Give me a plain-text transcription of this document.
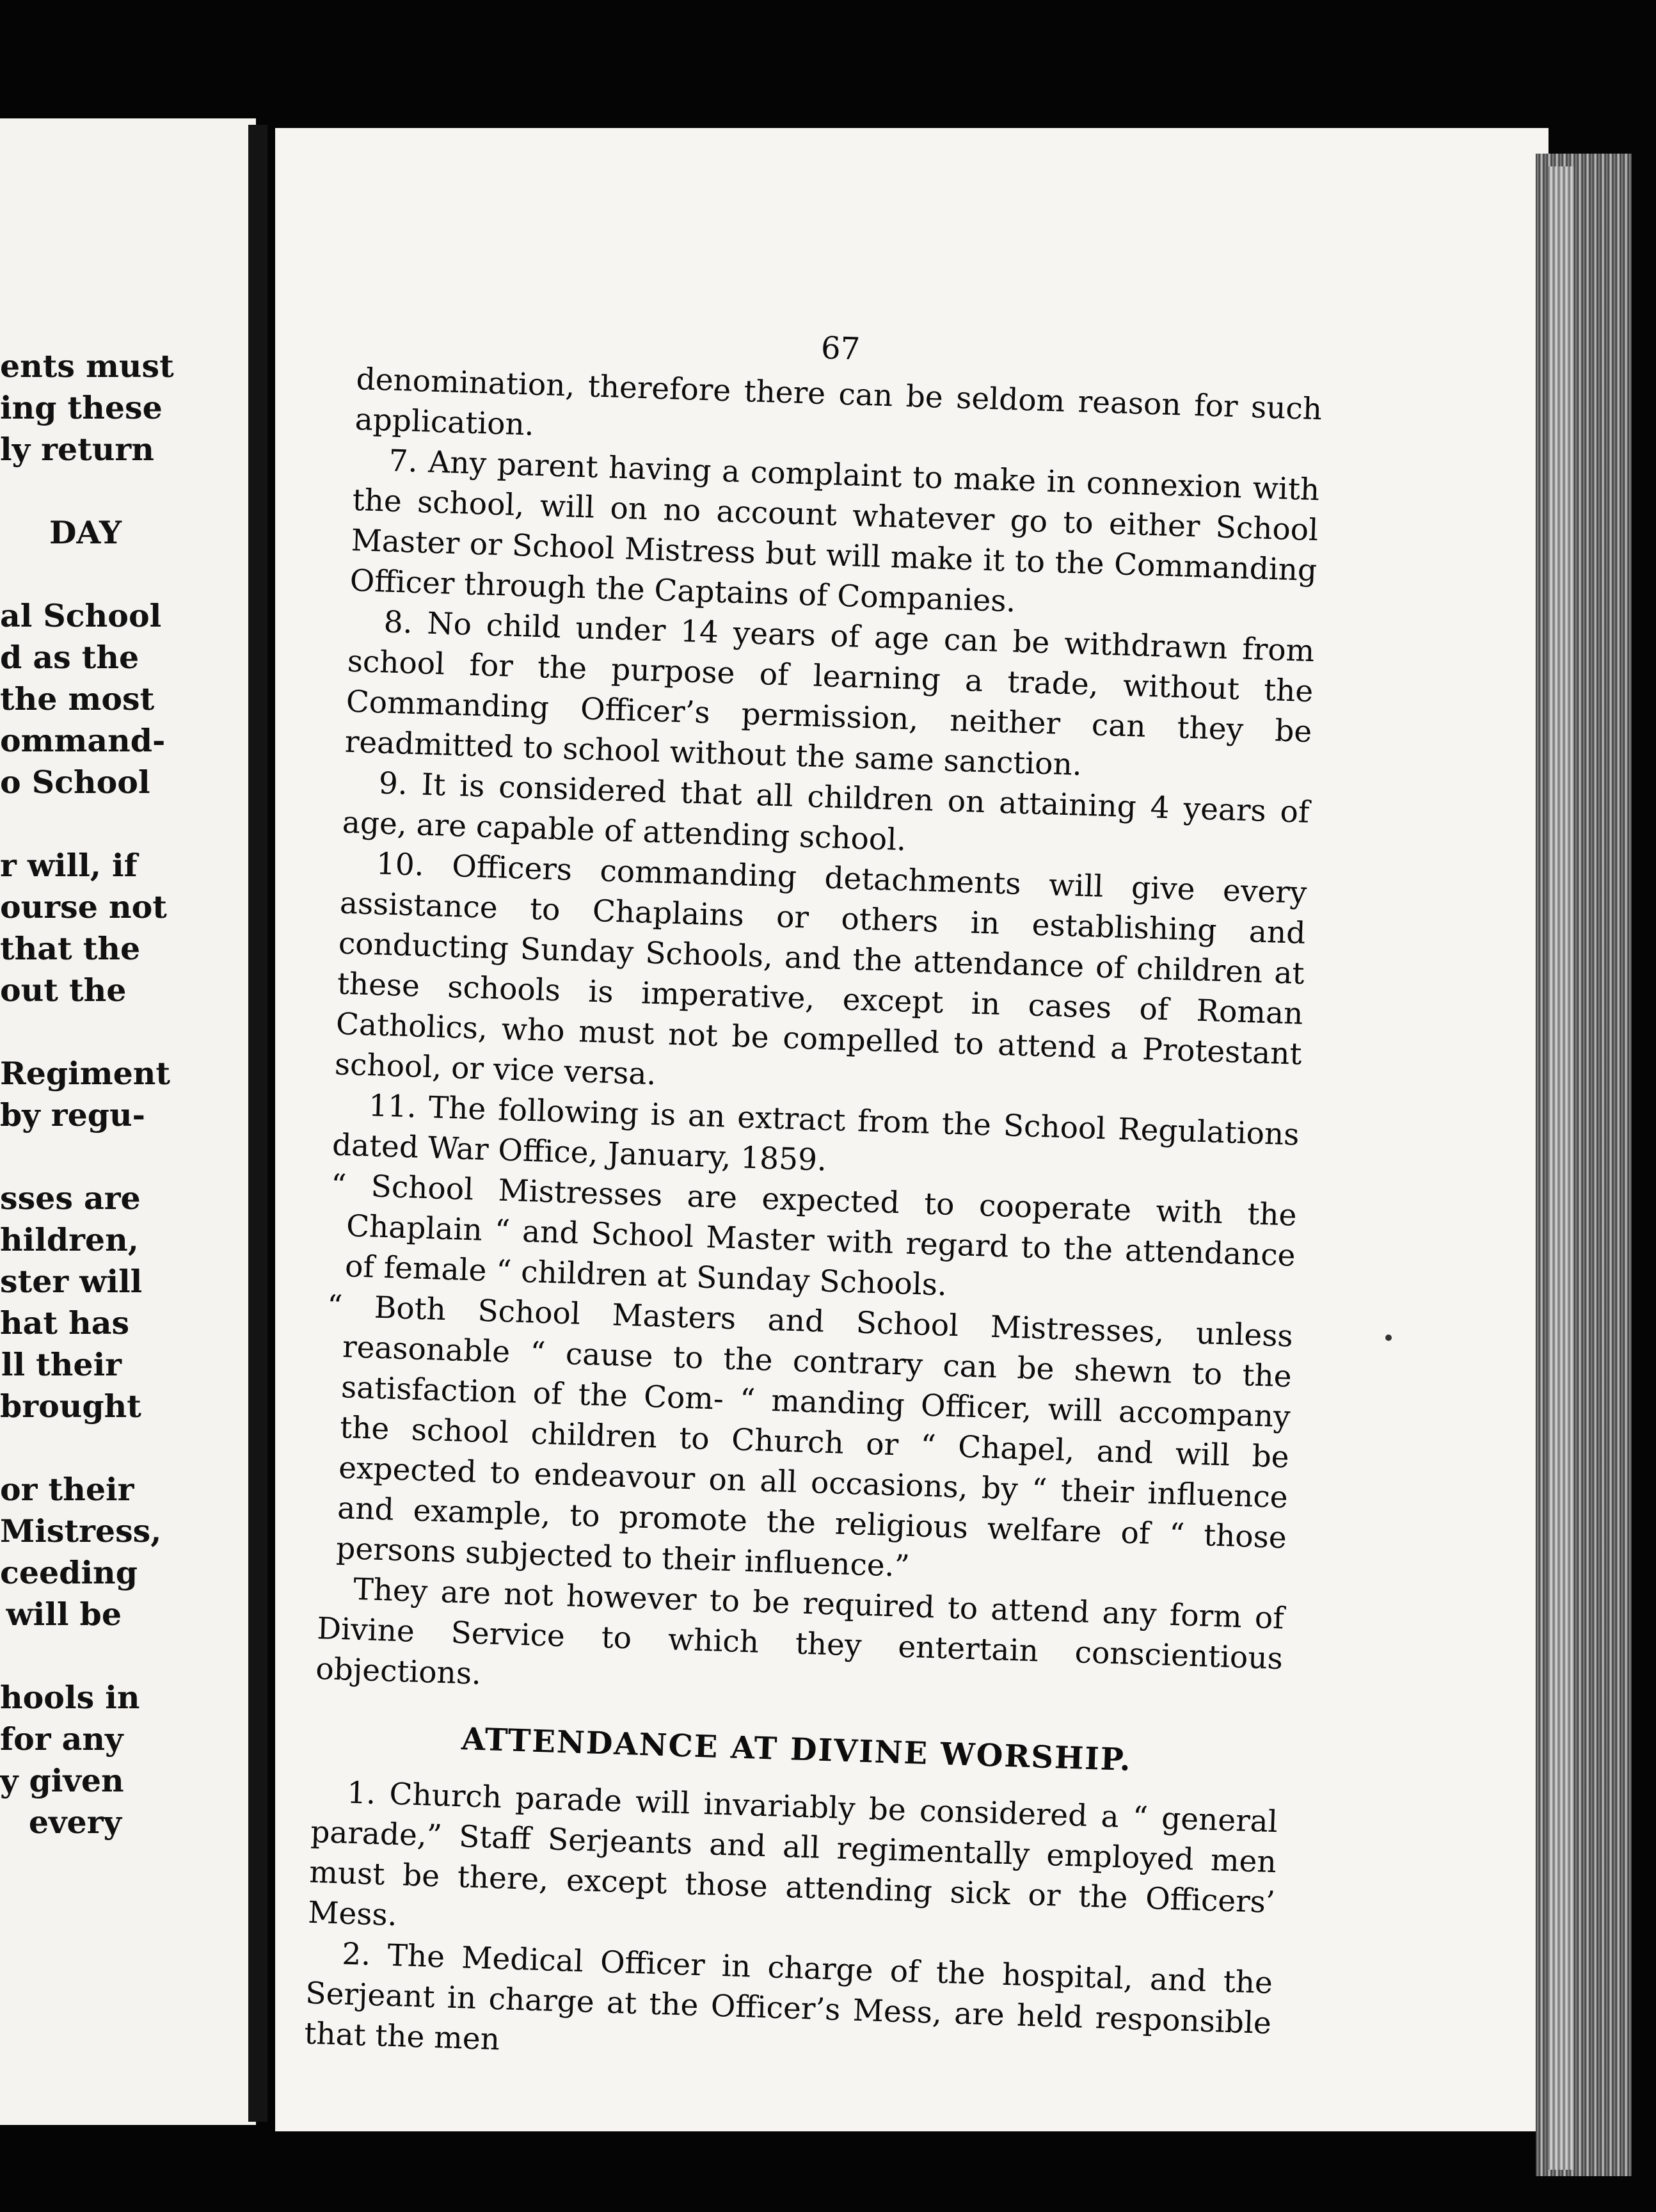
ents must
ing these
ly return
DAY
al School
d as the
the most
ommand-
o School
r will, if
ourse not
that the
out the
Regiment
by regu-
sses are
hildren,
ster will
hat has
ll their
brought
or their
Mistress,
ceeding
will be
hools in
for any
y given
every
67

denomination, therefore there can be seldom reason for such application.

7. Any parent having a complaint to make in connexion with the school, will on no account whatever go to either School Master or School Mistress but will make it to the Commanding Officer through the Captains of Companies.

8. No child under 14 years of age can be withdrawn from school for the purpose of learning a trade, without the Commanding Officer’s permission, neither can they be readmitted to school without the same sanction.

9. It is considered that all children on attaining 4 years of age, are capable of attending school.

10. Officers commanding detachments will give every assistance to Chaplains or others in establishing and conducting Sunday Schools, and the attendance of children at these schools is imperative, except in cases of Roman Catholics, who must not be compelled to attend a Protestant school, or vice versa.

11. The following is an extract from the School Regulations dated War Office, January, 1859.

“ School Mistresses are expected to cooperate with the Chaplain “ and School Master with regard to the attendance of female “ children at Sunday Schools.

“ Both School Masters and School Mistresses, unless reasonable “ cause to the contrary can be shewn to the satisfaction of the Com- “ manding Officer, will accompany the school children to Church or “ Chapel, and will be expected to endeavour on all occasions, by “ their influence and example, to promote the religious welfare of “ those persons subjected to their influence.”

They are not however to be required to attend any form of Divine Service to which they entertain conscientious objections.

ATTENDANCE AT DIVINE WORSHIP.

1. Church parade will invariably be considered a “ general parade,” Staff Serjeants and all regimentally employed men must be there, except those attending sick or the Officers’ Mess.

2. The Medical Officer in charge of the hospital, and the Serjeant in charge at the Officer’s Mess, are held responsible that the men
